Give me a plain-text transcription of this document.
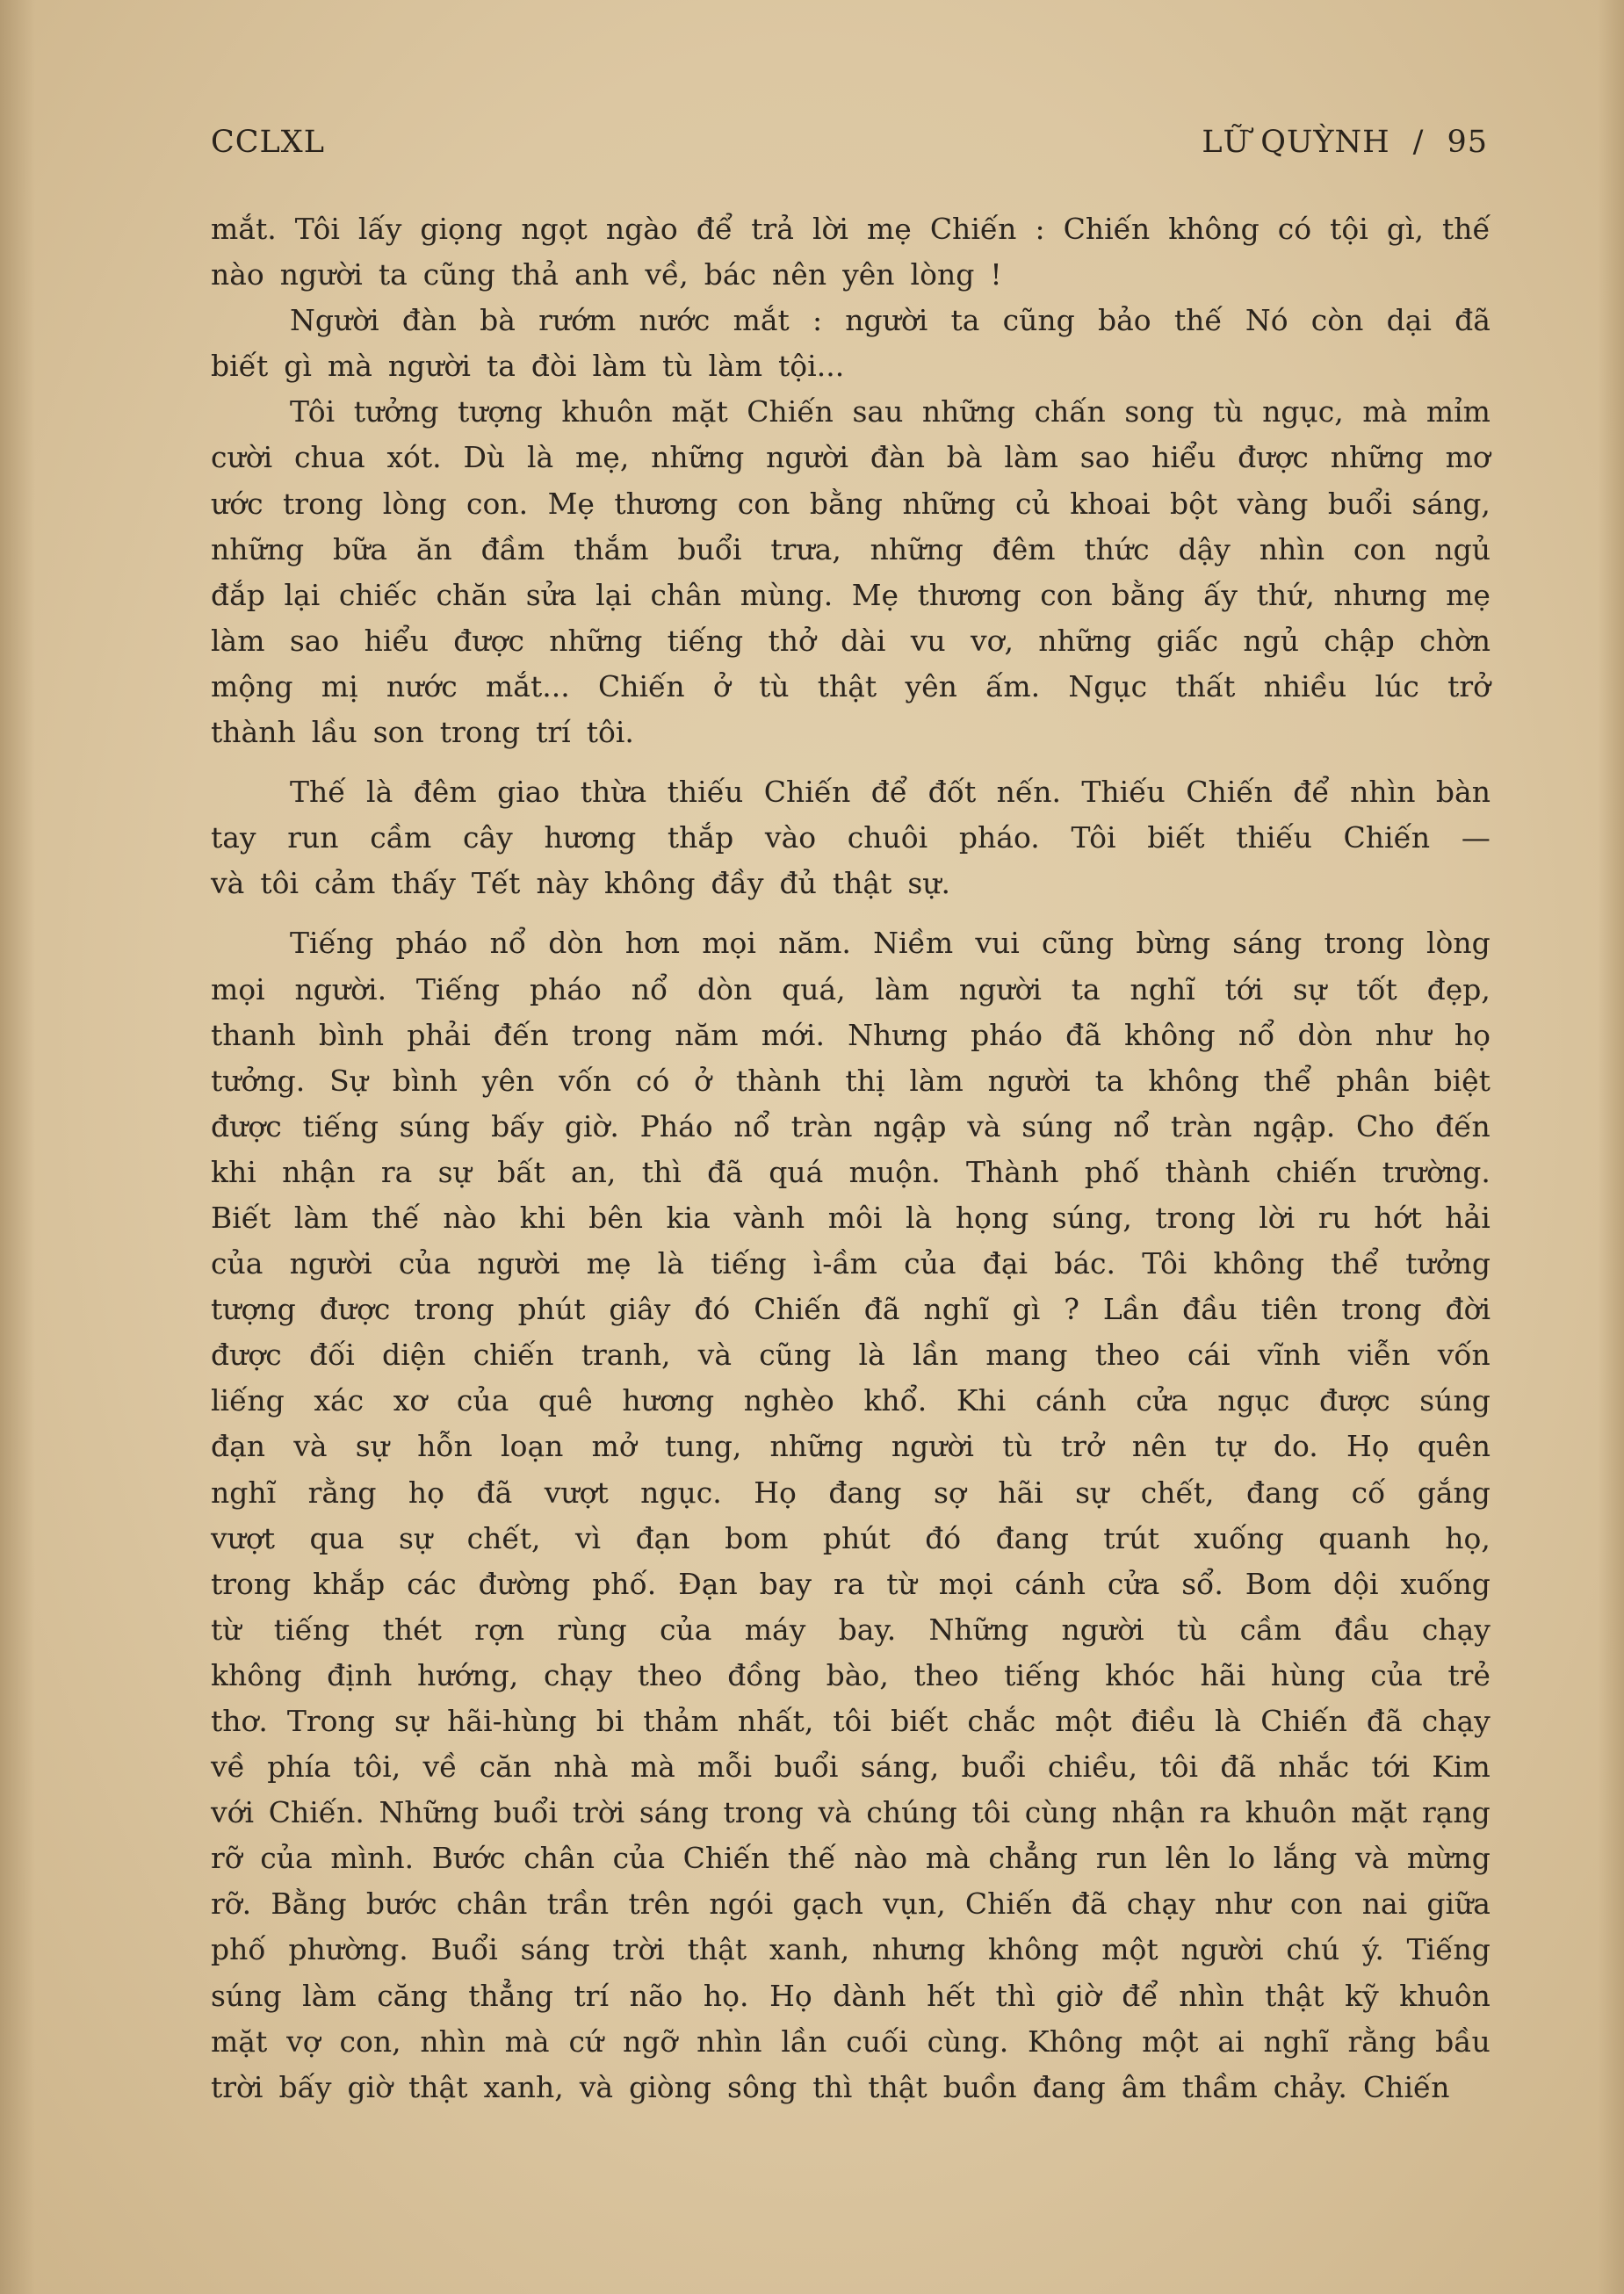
CCLXL	LỮ QUỲNH / 95
mắt. Tôi lấy giọng ngọt ngào để trả lời mẹ Chiến : Chiến không có tội gì, thế
nào người ta cũng thả anh về, bác nên yên lòng !
Người đàn bà rướm nước mắt : người ta cũng bảo thế Nó còn dại đã
biết gì mà người ta đòi làm tù làm tội...
Tôi tưởng tượng khuôn mặt Chiến sau những chấn song tù ngục, mà mỉm
cười chua xót. Dù là mẹ, những người đàn bà làm sao hiểu được những mơ
ước trong lòng con. Mẹ thương con bằng những củ khoai bột vàng buổi sáng,
những bữa ăn đầm thắm buổi trưa, những đêm thức dậy nhìn con ngủ
đắp lại chiếc chăn sửa lại chân mùng. Mẹ thương con bằng ấy thứ, nhưng mẹ
làm sao hiểu được những tiếng thở dài vu vơ, những giấc ngủ chập chờn
mộng mị nước mắt... Chiến ở tù thật yên ấm. Ngục thất nhiều lúc trở
thành lầu son trong trí tôi.
Thế là đêm giao thừa thiếu Chiến để đốt nến. Thiếu Chiến để nhìn bàn
tay run cầm cây hương thắp vào chuôi pháo. Tôi biết thiếu Chiến —
và tôi cảm thấy Tết này không đầy đủ thật sự.
Tiếng pháo nổ dòn hơn mọi năm. Niềm vui cũng bừng sáng trong lòng
mọi người. Tiếng pháo nổ dòn quá, làm người ta nghĩ tới sự tốt đẹp,
thanh bình phải đến trong năm mới. Nhưng pháo đã không nổ dòn như họ
tưởng. Sự bình yên vốn có ở thành thị làm người ta không thể phân biệt
được tiếng súng bấy giờ. Pháo nổ tràn ngập và súng nổ tràn ngập. Cho đến
khi nhận ra sự bất an, thì đã quá muộn. Thành phố thành chiến trường.
Biết làm thế nào khi bên kia vành môi là họng súng, trong lời ru hớt hải
của người của người mẹ là tiếng ì-ầm của đại bác. Tôi không thể tưởng
tượng được trong phút giây đó Chiến đã nghĩ gì ? Lần đầu tiên trong đời
được đối diện chiến tranh, và cũng là lần mang theo cái vĩnh viễn vốn
liếng xác xơ của quê hương nghèo khổ. Khi cánh cửa ngục được súng
đạn và sự hỗn loạn mở tung, những người tù trở nên tự do. Họ quên
nghĩ rằng họ đã vượt ngục. Họ đang sợ hãi sự chết, đang cố gắng
vượt qua sự chết, vì đạn bom phút đó đang trút xuống quanh họ,
trong khắp các đường phố. Đạn bay ra từ mọi cánh cửa sổ. Bom dội xuống
từ tiếng thét rợn rùng của máy bay. Những người tù cầm đầu chạy
không định hướng, chạy theo đồng bào, theo tiếng khóc hãi hùng của trẻ
thơ. Trong sự hãi-hùng bi thảm nhất, tôi biết chắc một điều là Chiến đã chạy
về phía tôi, về căn nhà mà mỗi buổi sáng, buổi chiều, tôi đã nhắc tới Kim
với Chiến. Những buổi trời sáng trong và chúng tôi cùng nhận ra khuôn mặt rạng
rỡ của mình. Bước chân của Chiến thế nào mà chẳng run lên lo lắng và mừng
rỡ. Bằng bước chân trần trên ngói gạch vụn, Chiến đã chạy như con nai giữa
phố phường. Buổi sáng trời thật xanh, nhưng không một người chú ý. Tiếng
súng làm căng thẳng trí não họ. Họ dành hết thì giờ để nhìn thật kỹ khuôn
mặt vợ con, nhìn mà cứ ngỡ nhìn lần cuối cùng. Không một ai nghĩ rằng bầu
trời bấy giờ thật xanh, và giòng sông thì thật buồn đang âm thầm chảy. Chiến
